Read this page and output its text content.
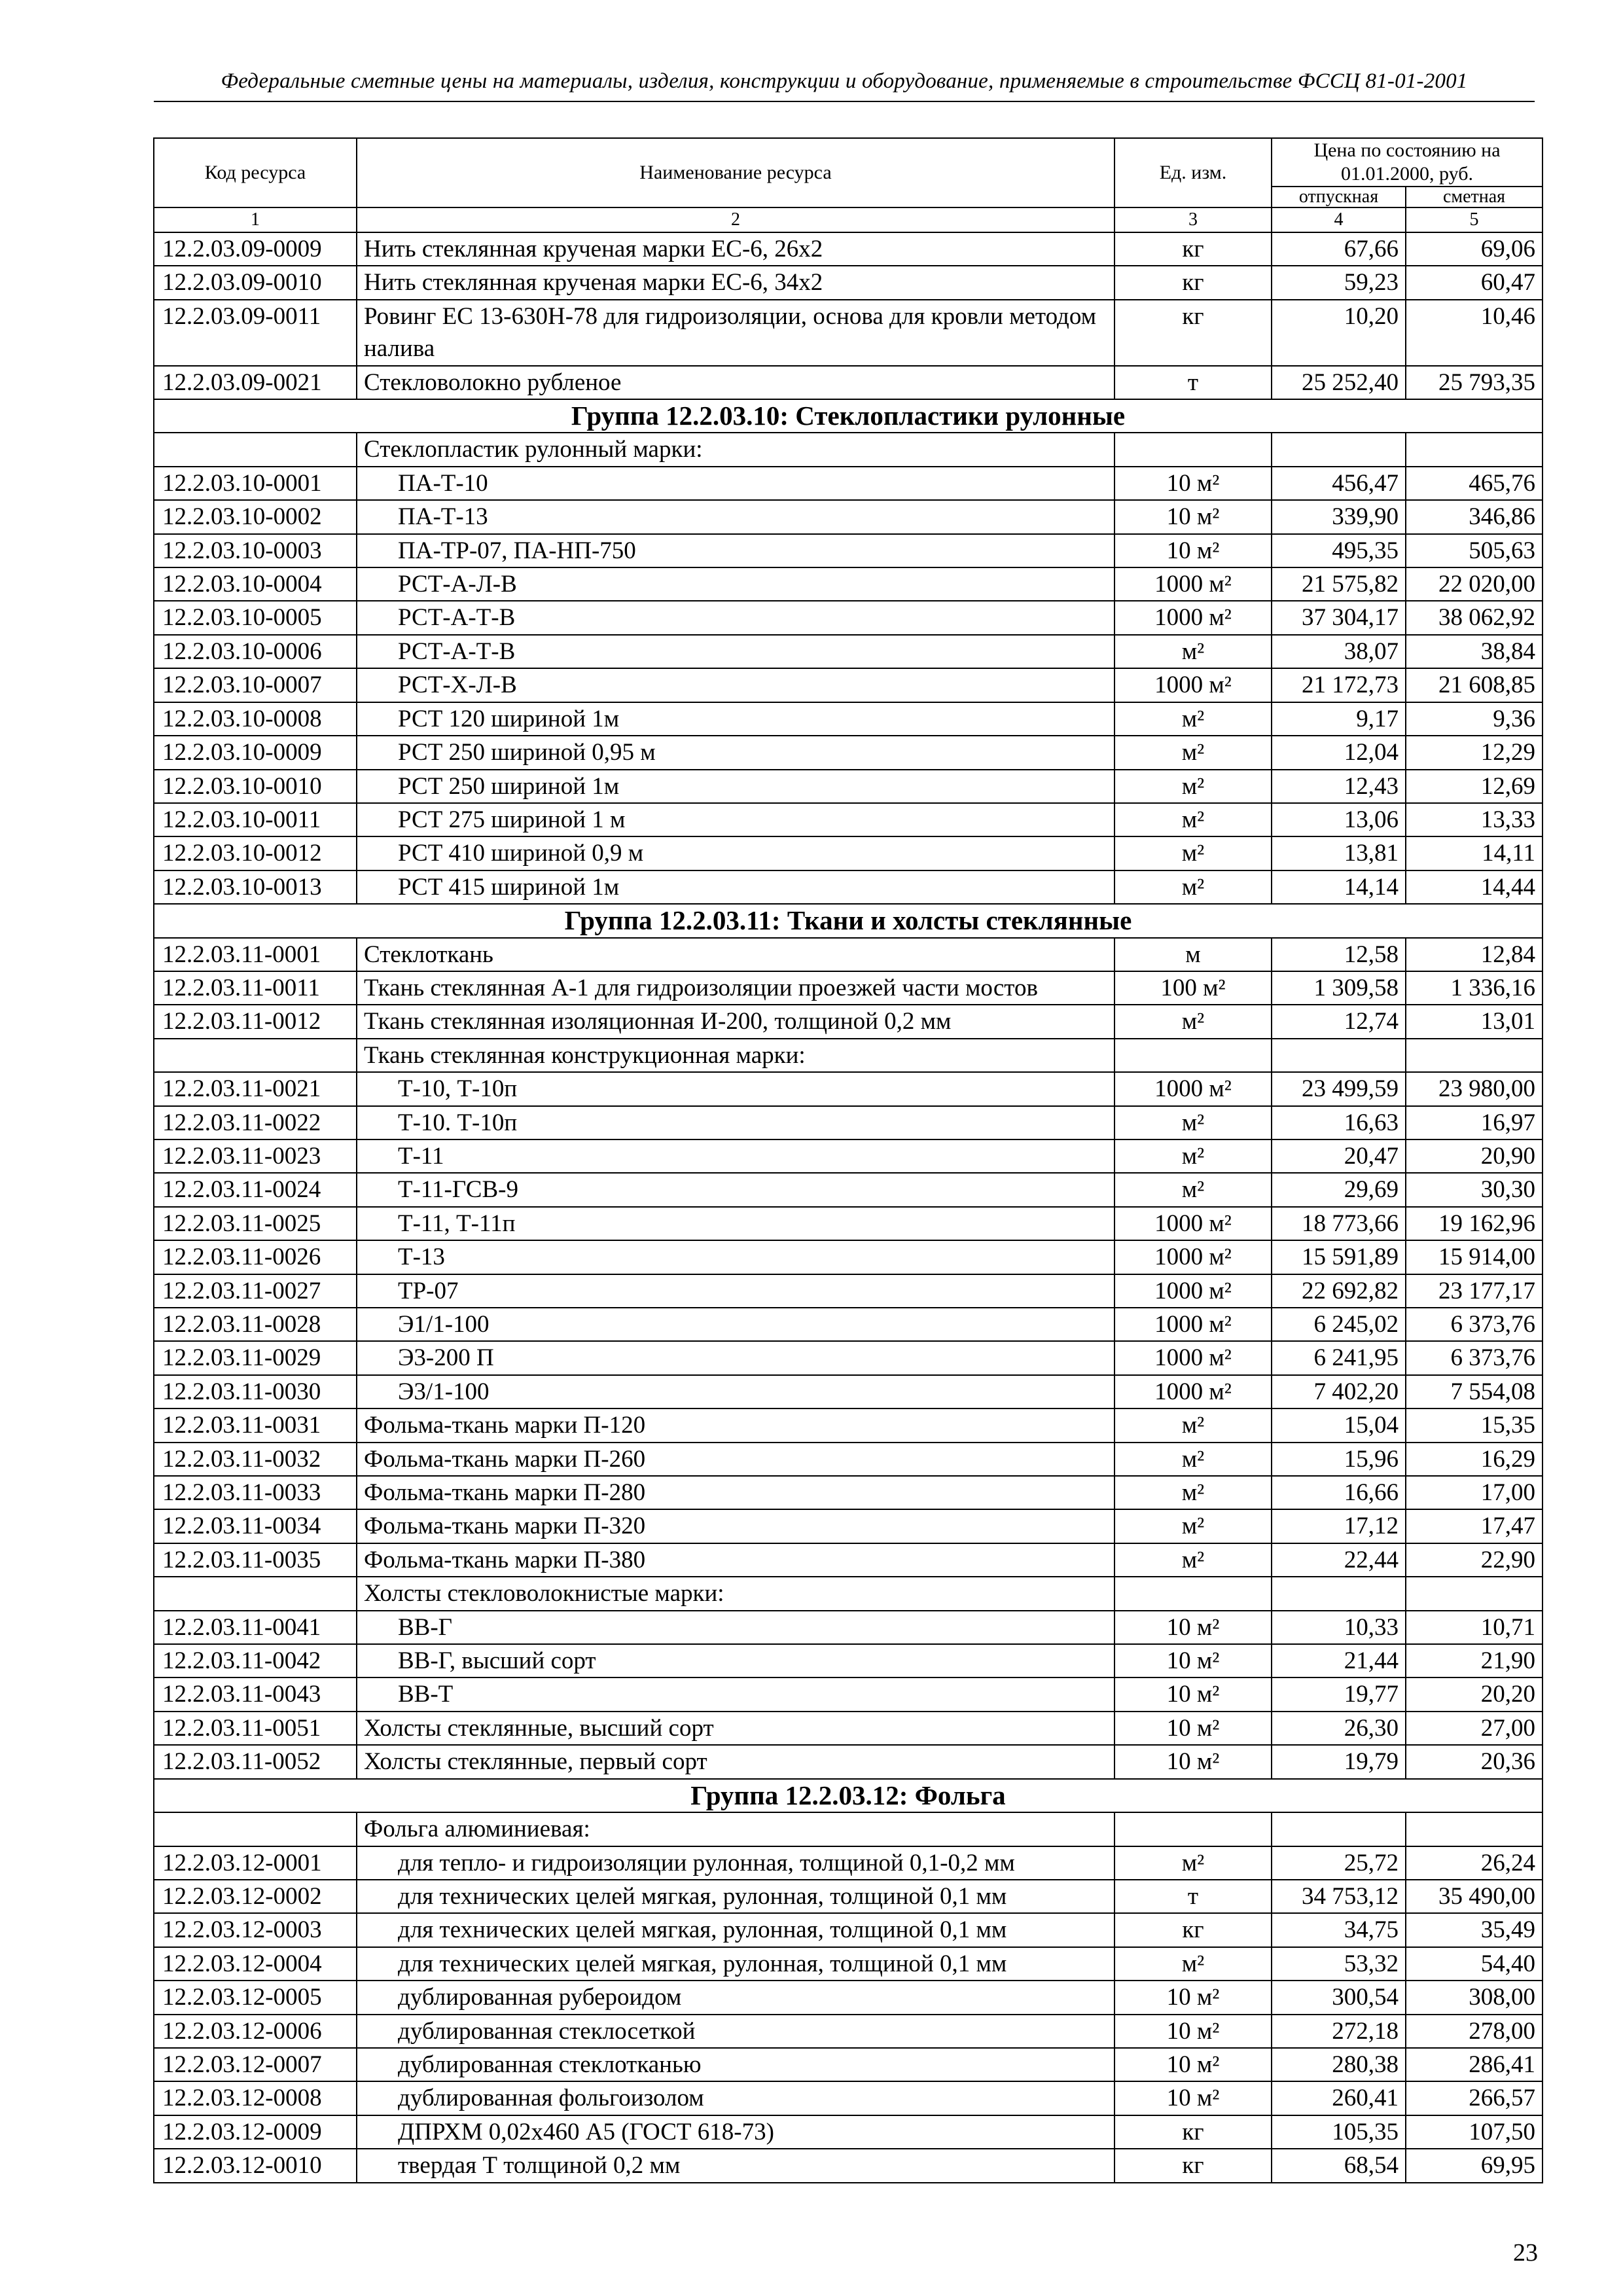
Федеральные сметные цены на материалы, изделия, конструкции и оборудование, применяемые в строительстве ФССЦ 81-01-2001
Код ресурса	Наименование ресурса	Ед. изм.	Цена по состоянию на 01.01.2000, руб.	
			отпускная	сметная
1	2	3	4	5
12.2.03.09-0009	Нить стеклянная крученая марки ЕС-6, 26х2	кг	67,66	69,06
12.2.03.09-0010	Нить стеклянная крученая марки ЕС-6, 34х2	кг	59,23	60,47
12.2.03.09-0011	Ровинг ЕС 13-630Н-78 для гидроизоляции, основа для кровли методом налива	кг	10,20	10,46
12.2.03.09-0021	Стекловолокно рубленое	т	25 252,40	25 793,35
Группа 12.2.03.10: Стеклопластики рулонные				
	Стеклопластик рулонный марки:			
12.2.03.10-0001	ПА-Т-10	10 м²	456,47	465,76
12.2.03.10-0002	ПА-Т-13	10 м²	339,90	346,86
12.2.03.10-0003	ПА-ТР-07, ПА-НП-750	10 м²	495,35	505,63
12.2.03.10-0004	РСТ-А-Л-В	1000 м²	21 575,82	22 020,00
12.2.03.10-0005	РСТ-А-Т-В	1000 м²	37 304,17	38 062,92
12.2.03.10-0006	РСТ-А-Т-В	м²	38,07	38,84
12.2.03.10-0007	РСТ-Х-Л-В	1000 м²	21 172,73	21 608,85
12.2.03.10-0008	РСТ 120 шириной 1м	м²	9,17	9,36
12.2.03.10-0009	РСТ 250 шириной 0,95 м	м²	12,04	12,29
12.2.03.10-0010	РСТ 250 шириной 1м	м²	12,43	12,69
12.2.03.10-0011	РСТ 275 шириной 1 м	м²	13,06	13,33
12.2.03.10-0012	РСТ 410 шириной 0,9 м	м²	13,81	14,11
12.2.03.10-0013	РСТ 415 шириной 1м	м²	14,14	14,44
Группа 12.2.03.11: Ткани и холсты стеклянные				
12.2.03.11-0001	Стеклоткань	м	12,58	12,84
12.2.03.11-0011	Ткань стеклянная А-1 для гидроизоляции проезжей части мостов	100 м²	1 309,58	1 336,16
12.2.03.11-0012	Ткань стеклянная изоляционная И-200, толщиной 0,2 мм	м²	12,74	13,01
	Ткань стеклянная конструкционная марки:			
12.2.03.11-0021	Т-10, Т-10п	1000 м²	23 499,59	23 980,00
12.2.03.11-0022	Т-10. Т-10п	м²	16,63	16,97
12.2.03.11-0023	Т-11	м²	20,47	20,90
12.2.03.11-0024	Т-11-ГСВ-9	м²	29,69	30,30
12.2.03.11-0025	Т-11, Т-11п	1000 м²	18 773,66	19 162,96
12.2.03.11-0026	Т-13	1000 м²	15 591,89	15 914,00
12.2.03.11-0027	ТР-07	1000 м²	22 692,82	23 177,17
12.2.03.11-0028	Э1/1-100	1000 м²	6 245,02	6 373,76
12.2.03.11-0029	Э3-200 П	1000 м²	6 241,95	6 373,76
12.2.03.11-0030	Э3/1-100	1000 м²	7 402,20	7 554,08
12.2.03.11-0031	Фольма-ткань марки П-120	м²	15,04	15,35
12.2.03.11-0032	Фольма-ткань марки П-260	м²	15,96	16,29
12.2.03.11-0033	Фольма-ткань марки П-280	м²	16,66	17,00
12.2.03.11-0034	Фольма-ткань марки П-320	м²	17,12	17,47
12.2.03.11-0035	Фольма-ткань марки П-380	м²	22,44	22,90
	Холсты стекловолокнистые марки:			
12.2.03.11-0041	ВВ-Г	10 м²	10,33	10,71
12.2.03.11-0042	ВВ-Г, высший сорт	10 м²	21,44	21,90
12.2.03.11-0043	ВВ-Т	10 м²	19,77	20,20
12.2.03.11-0051	Холсты стеклянные, высший сорт	10 м²	26,30	27,00
12.2.03.11-0052	Холсты стеклянные, первый сорт	10 м²	19,79	20,36
Группа 12.2.03.12: Фольга				
	Фольга алюминиевая:			
12.2.03.12-0001	для тепло- и гидроизоляции рулонная, толщиной 0,1-0,2 мм	м²	25,72	26,24
12.2.03.12-0002	для технических целей мягкая, рулонная, толщиной 0,1 мм	т	34 753,12	35 490,00
12.2.03.12-0003	для технических целей мягкая, рулонная, толщиной 0,1 мм	кг	34,75	35,49
12.2.03.12-0004	для технических целей мягкая, рулонная, толщиной 0,1 мм	м²	53,32	54,40
12.2.03.12-0005	дублированная рубероидом	10 м²	300,54	308,00
12.2.03.12-0006	дублированная стеклосеткой	10 м²	272,18	278,00
12.2.03.12-0007	дублированная стеклотканью	10 м²	280,38	286,41
12.2.03.12-0008	дублированная фольгоизолом	10 м²	260,41	266,57
12.2.03.12-0009	ДПРХМ 0,02х460 А5 (ГОСТ 618-73)	кг	105,35	107,50
12.2.03.12-0010	твердая Т толщиной 0,2 мм	кг	68,54	69,95
23
